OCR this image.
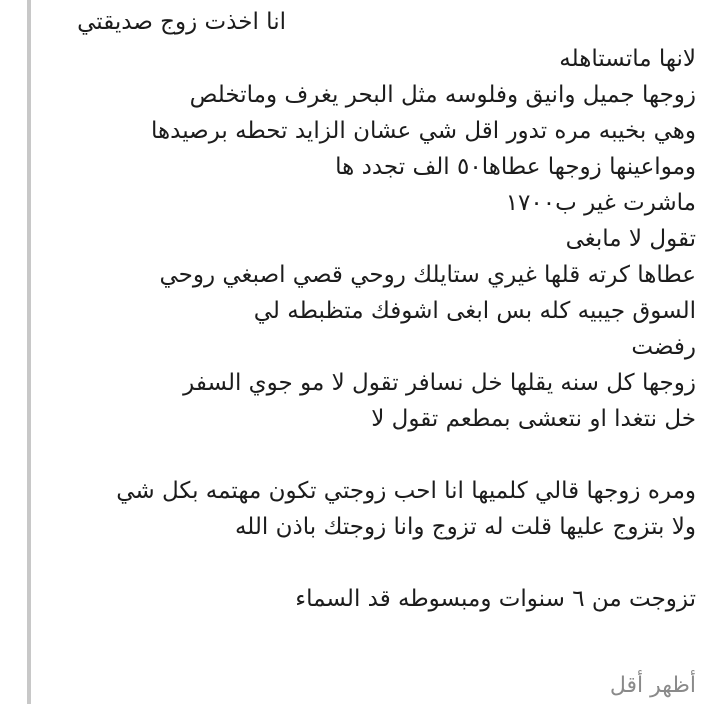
انا اخذت زوج صديقتي
لانها ماتستاهله
زوجها جميل وانيق وفلوسه مثل البحر يغرف وماتخلص
وهي بخيبه مره تدور اقل شي عشان الزايد تحطه برصيدها
ومواعينها زوجها عطاها٥٠ الف تجدد ها
ماشرت غير ب١٧٠٠
تقول لا مابغى
عطاها كرته قلها غيري ستايلك روحي قصي اصبغي روحي
السوق جيبيه كله بس ابغى اشوفك متظبطه لي
رفضت
زوجها كل سنه يقلها خل نسافر تقول لا مو جوي السفر
خل نتغدا او نتعشى بمطعم تقول لا
ومره زوجها قالي كلميها انا احب زوجتي تكون مهتمه بكل شي
ولا بتزوج عليها قلت له تزوج وانا زوجتك باذن الله
تزوجت من ٦ سنوات ومبسوطه قد السماء
أظهر أقل
